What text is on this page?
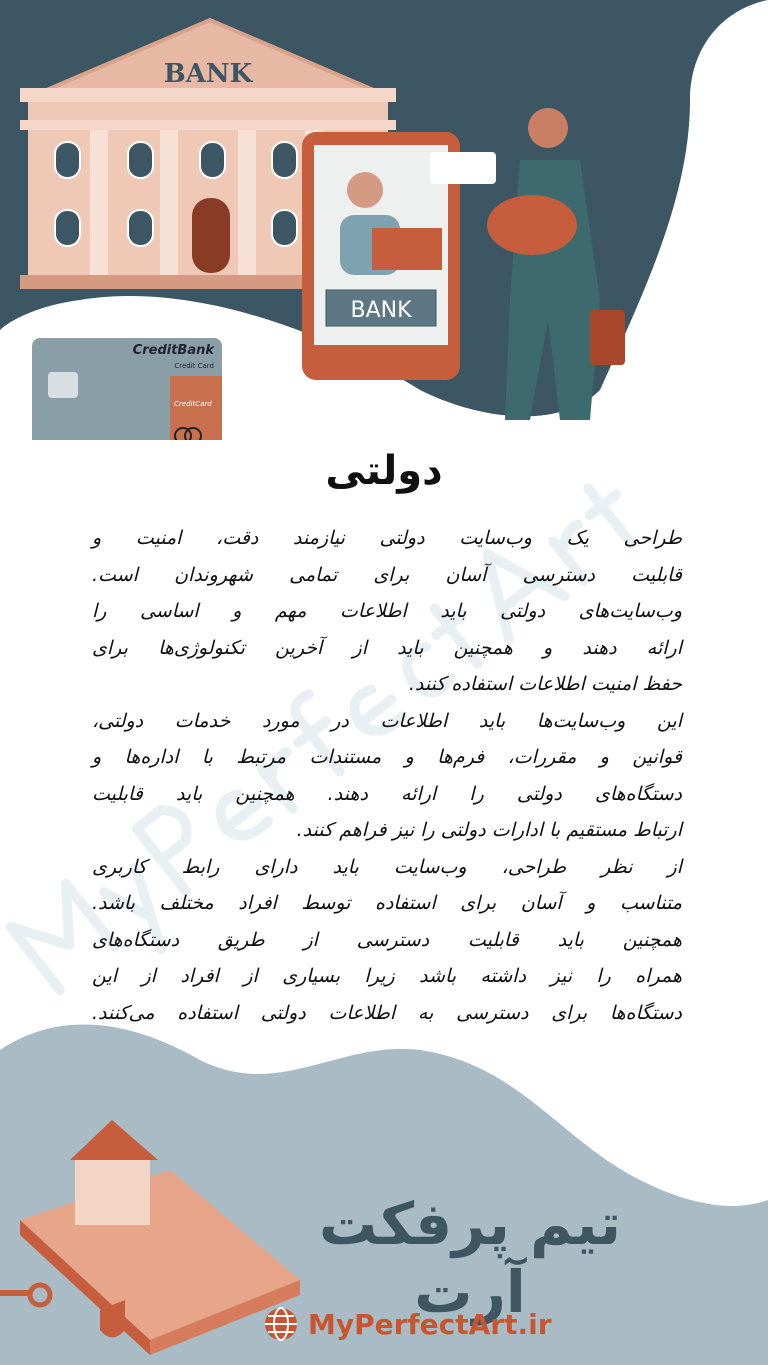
BANK
BANK
CreditBank
Credit Card
CreditCard
دولتی
طراحی یک وب‌سایت دولتی نیازمند دقت، امنیت و
قابلیت دسترسی آسان برای تمامی شهروندان است.
وب‌سایت‌های دولتی باید اطلاعات مهم و اساسی را
ارائه دهند و همچنین باید از آخرین تکنولوژی‌ها برای
حفظ امنیت اطلاعات استفاده کنند.
این وب‌سایت‌ها باید اطلاعات در مورد خدمات دولتی،
قوانین و مقررات، فرم‌ها و مستندات مرتبط با اداره‌ها و
دستگاه‌های دولتی را ارائه دهند. همچنین باید قابلیت
ارتباط مستقیم با ادارات دولتی را نیز فراهم کنند.
از نظر طراحی، وب‌سایت باید دارای رابط کاربری
متناسب و آسان برای استفاده توسط افراد مختلف باشد.
همچنین باید قابلیت دسترسی از طریق دستگاه‌های
همراه را نیز داشته باشد زیرا بسیاری از افراد از این
دستگاه‌ها برای دسترسی به اطلاعات دولتی استفاده می‌کنند.
تیم پرفکت آرت
MyPerfectArt.ir
